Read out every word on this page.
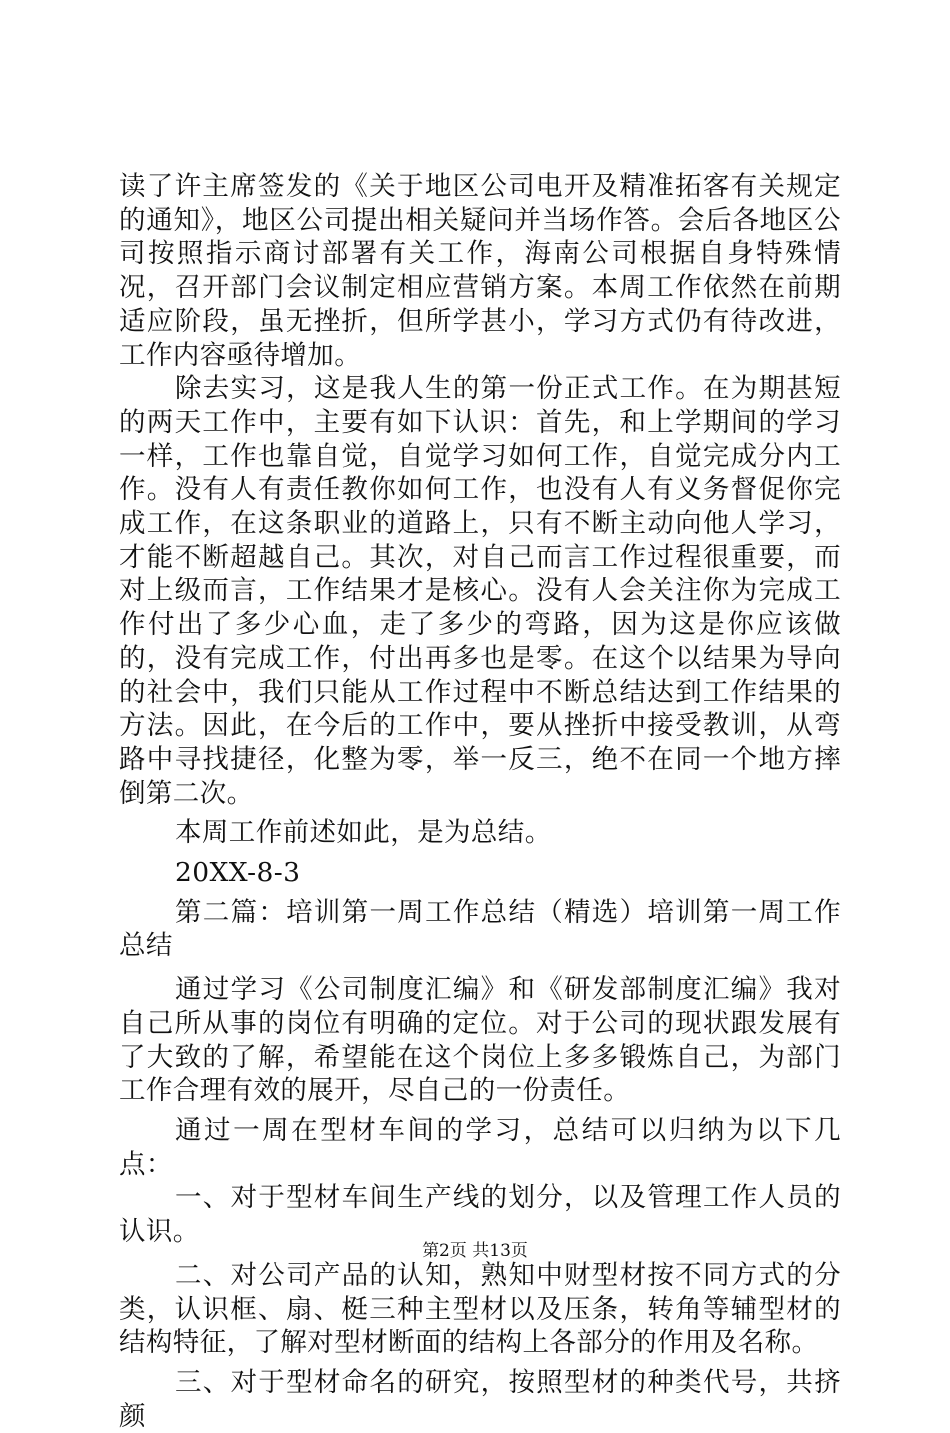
读了许主席签发的《关于地区公司电开及精准拓客有关规定的通知》，地区公司提出相关疑问并当场作答。会后各地区公司按照指示商讨部署有关工作，海南公司根据自身特殊情况，召开部门会议制定相应营销方案。本周工作依然在前期适应阶段，虽无挫折，但所学甚小，学习方式仍有待改进，工作内容亟待增加。

除去实习，这是我人生的第一份正式工作。在为期甚短的两天工作中，主要有如下认识：首先，和上学期间的学习一样，工作也靠自觉，自觉学习如何工作，自觉完成分内工作。没有人有责任教你如何工作，也没有人有义务督促你完成工作，在这条职业的道路上，只有不断主动向他人学习，才能不断超越自己。其次，对自己而言工作过程很重要，而对上级而言，工作结果才是核心。没有人会关注你为完成工作付出了多少心血，走了多少的弯路，因为这是你应该做的，没有完成工作，付出再多也是零。在这个以结果为导向的社会中，我们只能从工作过程中不断总结达到工作结果的方法。因此，在今后的工作中，要从挫折中接受教训，从弯路中寻找捷径，化整为零，举一反三，绝不在同一个地方摔倒第二次。

本周工作前述如此，是为总结。

20XX-8-3

第二篇：培训第一周工作总结（精选）培训第一周工作总结

通过学习《公司制度汇编》和《研发部制度汇编》我对自己所从事的岗位有明确的定位。对于公司的现状跟发展有了大致的了解，希望能在这个岗位上多多锻炼自己，为部门工作合理有效的展开，尽自己的一份责任。

通过一周在型材车间的学习，总结可以归纳为以下几点：

一、对于型材车间生产线的划分，以及管理工作人员的认识。

二、对公司产品的认知，熟知中财型材按不同方式的分类，认识框、扇、梃三种主型材以及压条，转角等辅型材的结构特征，了解对型材断面的结构上各部分的作用及名称。

三、对于型材命名的研究，按照型材的种类代号，共挤颜

第2页 共13页
